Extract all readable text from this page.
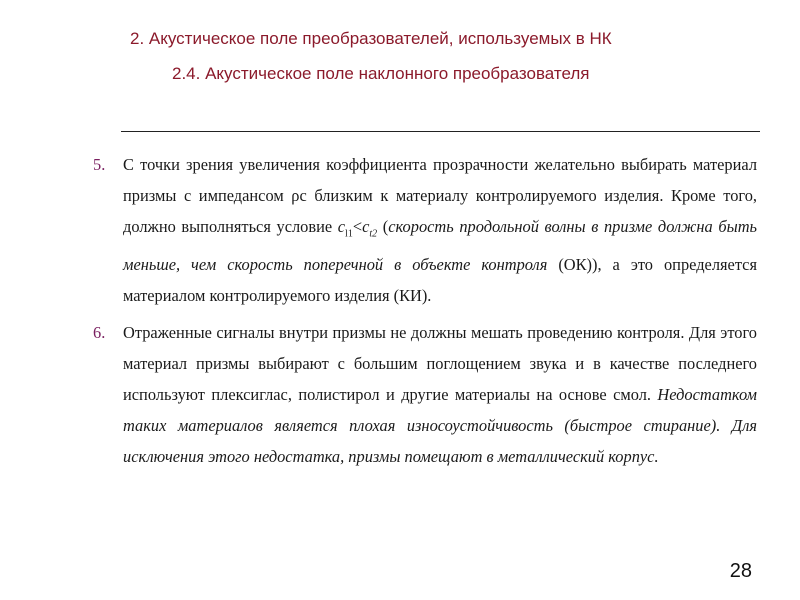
2. Акустическое поле преобразователей, используемых в НК
2.4. Акустическое поле наклонного преобразователя
5. С точки зрения увеличения коэффициента прозрачности желательно выбирать материал призмы с импедансом ρc близким к материалу контролируемого изделия. Кроме того, должно выполняться условие $c_{l1}<c_{t2}$ (скорость продольной волны в призме должна быть меньше, чем скорость поперечной в объекте контроля (ОК)), а это определяется материалом контролируемого изделия (КИ).
6. Отраженные сигналы внутри призмы не должны мешать проведению контроля. Для этого материал призмы выбирают с большим поглощением звука и в качестве последнего используют плексиглас, полистирол и другие материалы на основе смол. Недостатком таких материалов является плохая износоустойчивость (быстрое стирание). Для исключения этого недостатка, призмы помещают в металлический корпус.
28
